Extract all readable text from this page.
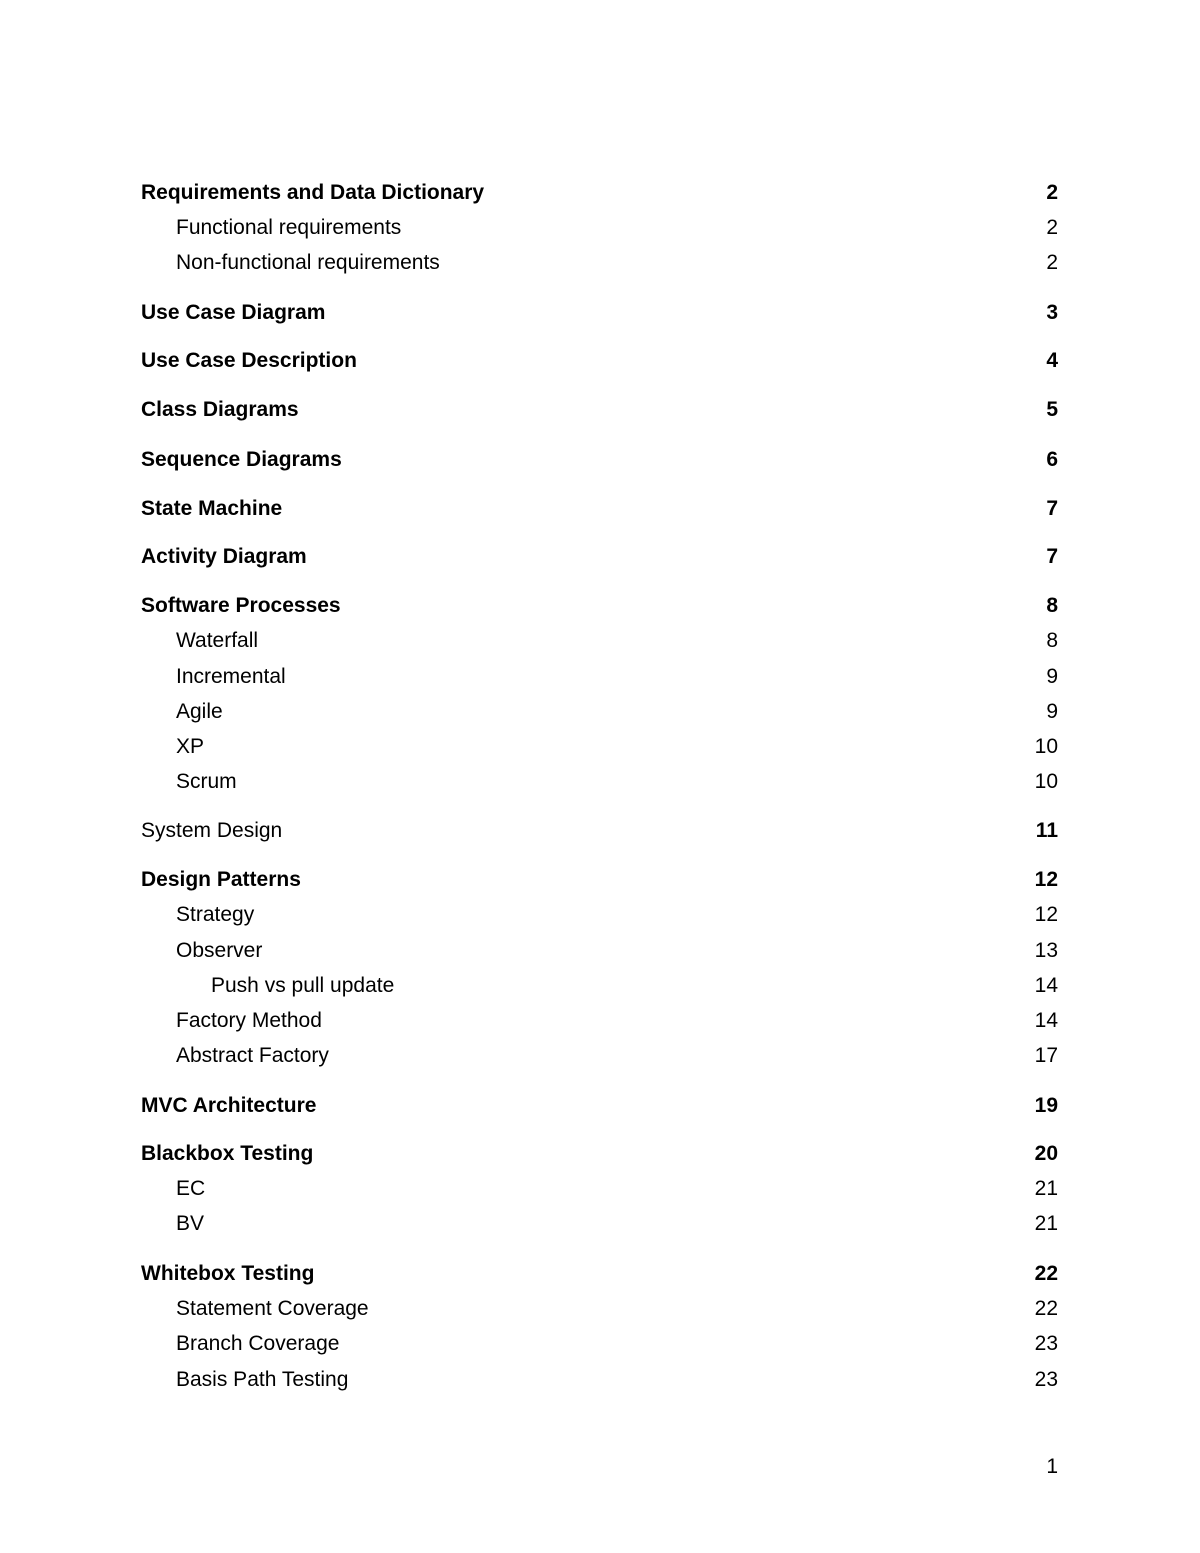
Requirements and Data Dictionary	2
Functional requirements	2
Non-functional requirements	2
Use Case Diagram	3
Use Case Description	4
Class Diagrams	5
Sequence Diagrams	6
State Machine	7
Activity Diagram	7
Software Processes	8
Waterfall	8
Incremental	9
Agile	9
XP	10
Scrum	10
System Design	11
Design Patterns	12
Strategy	12
Observer	13
Push vs pull update	14
Factory Method	14
Abstract Factory	17
MVC Architecture	19
Blackbox Testing	20
EC	21
BV	21
Whitebox Testing	22
Statement Coverage	22
Branch Coverage	23
Basis Path Testing	23
1
